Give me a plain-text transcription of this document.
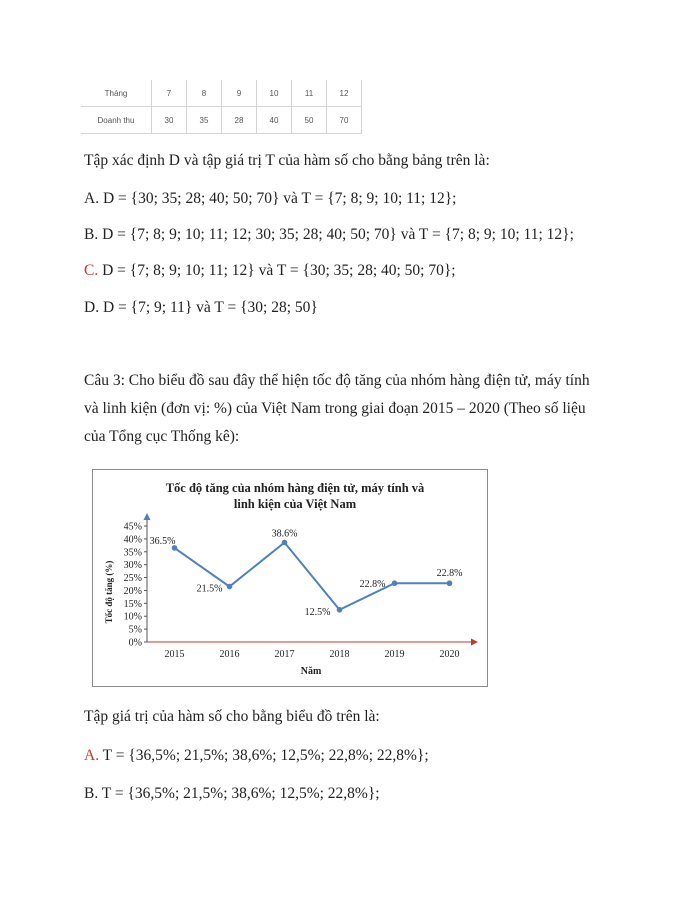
Tháng	7	8	9	10	11	12
Doanh thu	30	35	28	40	50	70
Tập xác định D và tập giá trị T của hàm số cho bằng bảng trên là:
A. D = {30; 35; 28; 40; 50; 70} và T = {7; 8; 9; 10; 11; 12};
B. D = {7; 8; 9; 10; 11; 12; 30; 35; 28; 40; 50; 70} và T = {7; 8; 9; 10; 11; 12};
C. D = {7; 8; 9; 10; 11; 12} và T = {30; 35; 28; 40; 50; 70};
D. D = {7; 9; 11} và T = {30; 28; 50}
Câu 3: Cho biểu đồ sau đây thể hiện tốc độ tăng của nhóm hàng điện tử, máy tính
và linh kiện (đơn vị: %) của Việt Nam trong giai đoạn 2015 – 2020 (Theo số liệu
của Tổng cục Thống kê):
Tốc độ tăng của nhóm hàng điện tử, máy tính và
linh kiện của Việt Nam
Tốc độ tăng (%)
Năm
0%
5%
10%
15%
20%
25%
30%
35%
40%
45%
2015	2016	2017	2018	2019	2020
36.5%
21.5%
38.6%
12.5%
22.8%
22.8%
Tập giá trị của hàm số cho bằng biểu đồ trên là:
A. T = {36,5%; 21,5%; 38,6%; 12,5%; 22,8%; 22,8%};
B. T = {36,5%; 21,5%; 38,6%; 12,5%; 22,8%};
